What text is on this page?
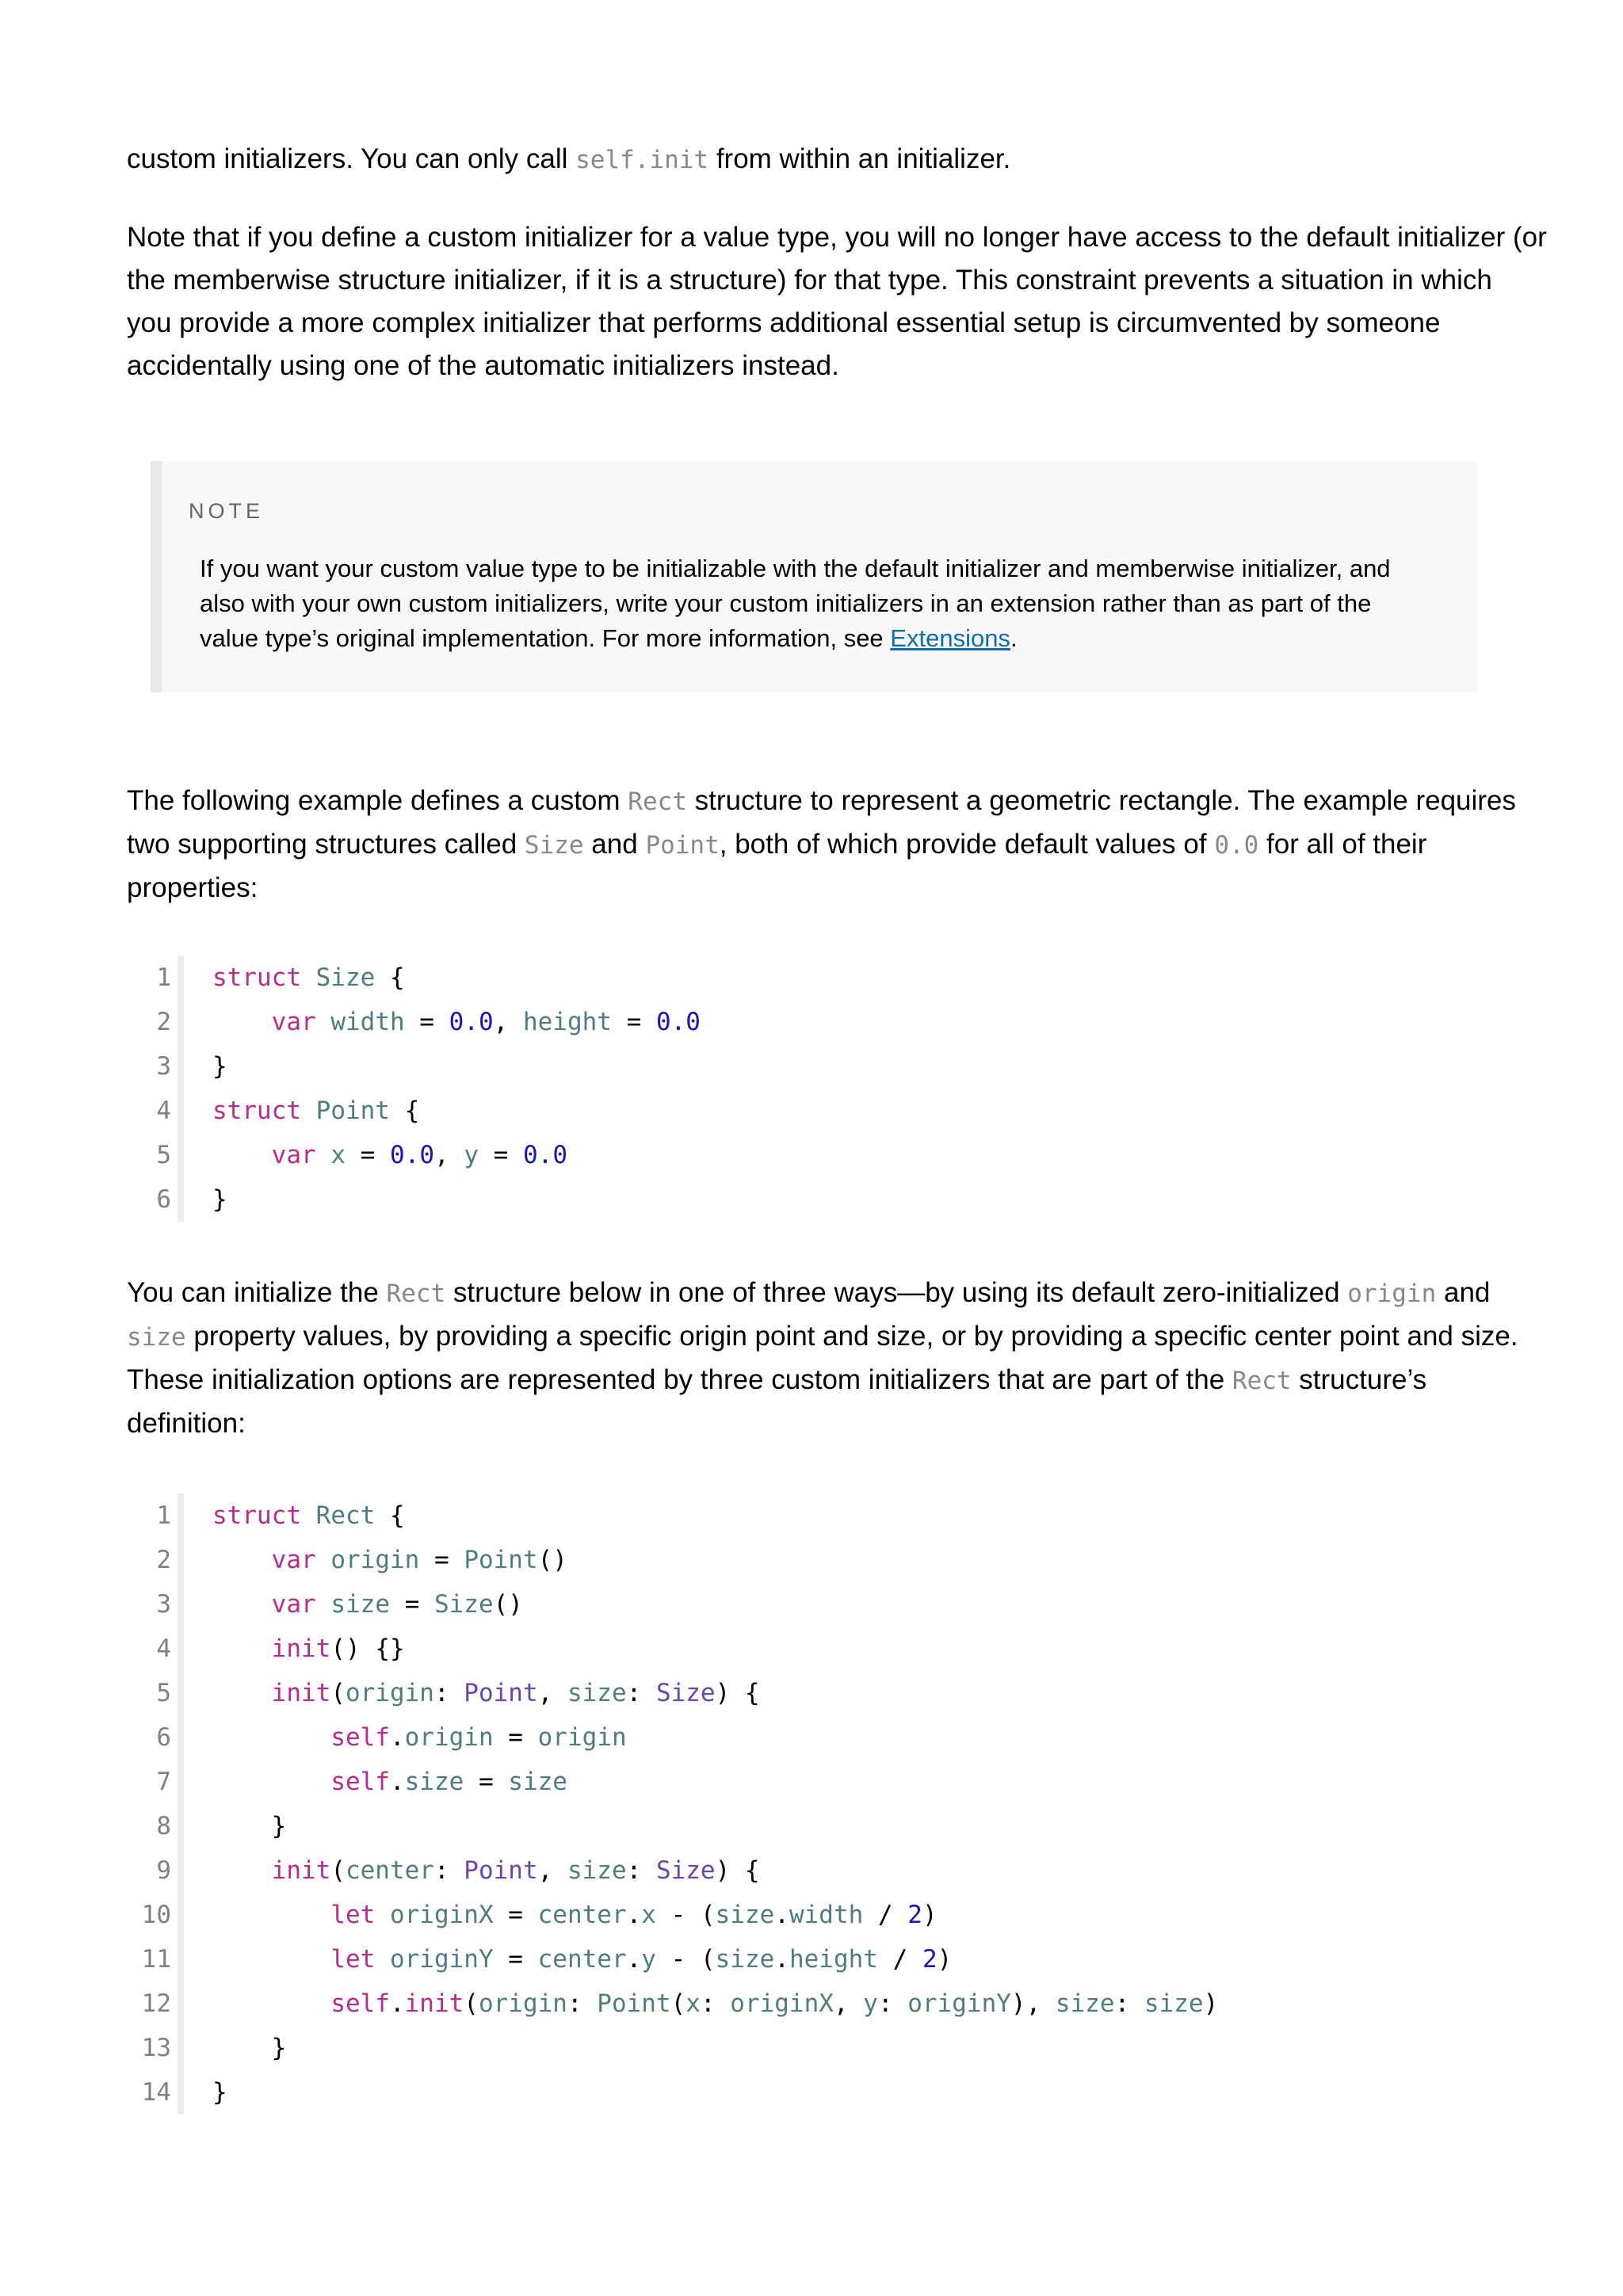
custom initializers. You can only call self.init from within an initializer.

Note that if you define a custom initializer for a value type, you will no longer have access to the default initializer (or
the memberwise structure initializer, if it is a structure) for that type. This constraint prevents a situation in which
you provide a more complex initializer that performs additional essential setup is circumvented by someone
accidentally using one of the automatic initializers instead.

NOTE
If you want your custom value type to be initializable with the default initializer and memberwise initializer, and
also with your own custom initializers, write your custom initializers in an extension rather than as part of the
value type’s original implementation. For more information, see Extensions.

The following example defines a custom Rect structure to represent a geometric rectangle. The example requires
two supporting structures called Size and Point, both of which provide default values of 0.0 for all of their
properties:

1 struct Size {
2	var width = 0.0, height = 0.0
3 }
4 struct Point {
5	var x = 0.0, y = 0.0
6 }

You can initialize the Rect structure below in one of three ways—by using its default zero-initialized origin and
size property values, by providing a specific origin point and size, or by providing a specific center point and size.
These initialization options are represented by three custom initializers that are part of the Rect structure’s
definition:

1 struct Rect {
2	var origin = Point()
3	var size = Size()
4	init() {}
5	init(origin: Point, size: Size) {
6	self.origin = origin
7	self.size = size
8 }
9	init(center: Point, size: Size) {
10	let originX = center.x - (size.width / 2)
11	let originY = center.y - (size.height / 2)
12	self.init(origin: Point(x: originX, y: originY), size: size)
13 }
14 }
